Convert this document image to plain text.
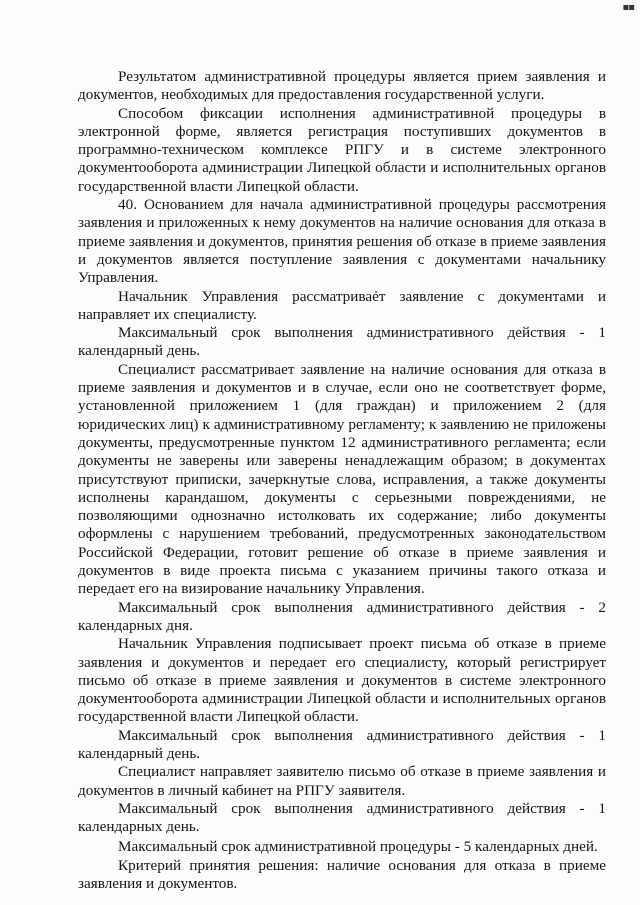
▪▪

Результатом административной процедуры является прием заявления и документов, необходимых для предоставления государственной услуги.

Способом фиксации исполнения административной процедуры в электронной форме, является регистрация поступивших документов в программно-техническом комплексе РПГУ и в системе электронного документооборота администрации Липецкой области и исполнительных органов государственной власти Липецкой области.

40. Основанием для начала административной процедуры рассмотрения заявления и приложенных к нему документов на наличие основания для отказа в приеме заявления и документов, принятия решения об отказе в приеме заявления и документов является поступление заявления с документами начальнику Управления.

Начальник Управления рассматривает заявление с документами и направляет их специалисту.

Максимальный срок выполнения административного действия - 1 календарный день.

Специалист рассматривает заявление на наличие основания для отказа в приеме заявления и документов и в случае, если оно не соответствует форме, установленной приложением 1 (для граждан) и приложением 2 (для юридических лиц) к административному регламенту; к заявлению не приложены документы, предусмотренные пунктом 12 административного регламента; если документы не заверены или заверены ненадлежащим образом; в документах присутствуют приписки, зачеркнутые слова, исправления, а также документы исполнены карандашом, документы с серьезными повреждениями, не позволяющими однозначно истолковать их содержание; либо документы оформлены с нарушением требований, предусмотренных законодательством Российской Федерации, готовит решение об отказе в приеме заявления и документов в виде проекта письма с указанием причины такого отказа и передает его на визирование начальнику Управления.

Максимальный срок выполнения административного действия - 2 календарных дня.

Начальник Управления подписывает проект письма об отказе в приеме заявления и документов и передает его специалисту, который регистрирует письмо об отказе в приеме заявления и документов в системе электронного документооборота администрации Липецкой области и исполнительных органов государственной власти Липецкой области.

Максимальный срок выполнения административного действия - 1 календарный день.

Специалист направляет заявителю письмо об отказе в приеме заявления и документов в личный кабинет на РПГУ заявителя.

Максимальный срок выполнения административного действия - 1 календарных день.

Максимальный срок административной процедуры - 5 календарных дней.

Критерий принятия решения: наличие основания для отказа в приеме заявления и документов.
